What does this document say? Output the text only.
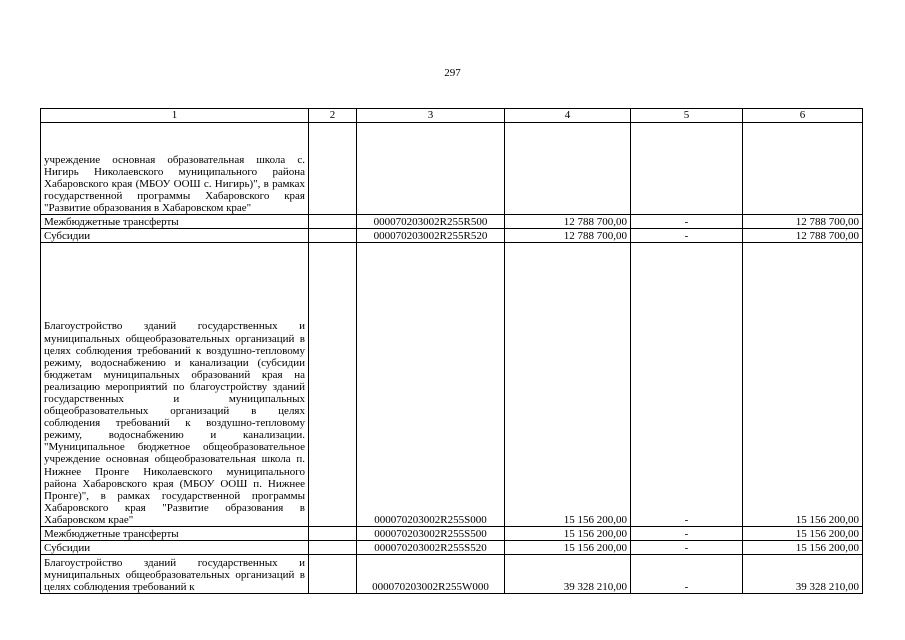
297
1	2	3	4	5	6
учреждение основная образовательная школа с. Нигирь Николаевского муниципального района Хабаровского края (МБОУ ООШ с. Нигирь)", в рамках государственной программы Хабаровского края "Развитие образования в Хабаровском крае"					
Межбюджетные трансферты		000070203002R255R500	12 788 700,00	-	12 788 700,00
Субсидии		000070203002R255R520	12 788 700,00	-	12 788 700,00
Благоустройство зданий государственных и муниципальных общеобразовательных организаций в целях соблюдения требований к воздушно-тепловому режиму, водоснабжению и канализации (субсидии бюджетам муниципальных образований края на реализацию мероприятий по благоустройству зданий государственных и муниципальных общеобразовательных организаций в целях соблюдения требований к воздушно-тепловому режиму, водоснабжению и канализации. "Муниципальное бюджетное общеобразовательное учреждение основная общеобразовательная школа п. Нижнее Пронге Николаевского муниципального района Хабаровского края (МБОУ ООШ п. Нижнее Пронге)", в рамках государственной программы Хабаровского края "Развитие образования в Хабаровском крае"		000070203002R255S000	15 156 200,00	-	15 156 200,00
Межбюджетные трансферты		000070203002R255S500	15 156 200,00	-	15 156 200,00
Субсидии		000070203002R255S520	15 156 200,00	-	15 156 200,00
Благоустройство зданий государственных и муниципальных общеобразовательных организаций в целях соблюдения требований к		000070203002R255W000	39 328 210,00	-	39 328 210,00
